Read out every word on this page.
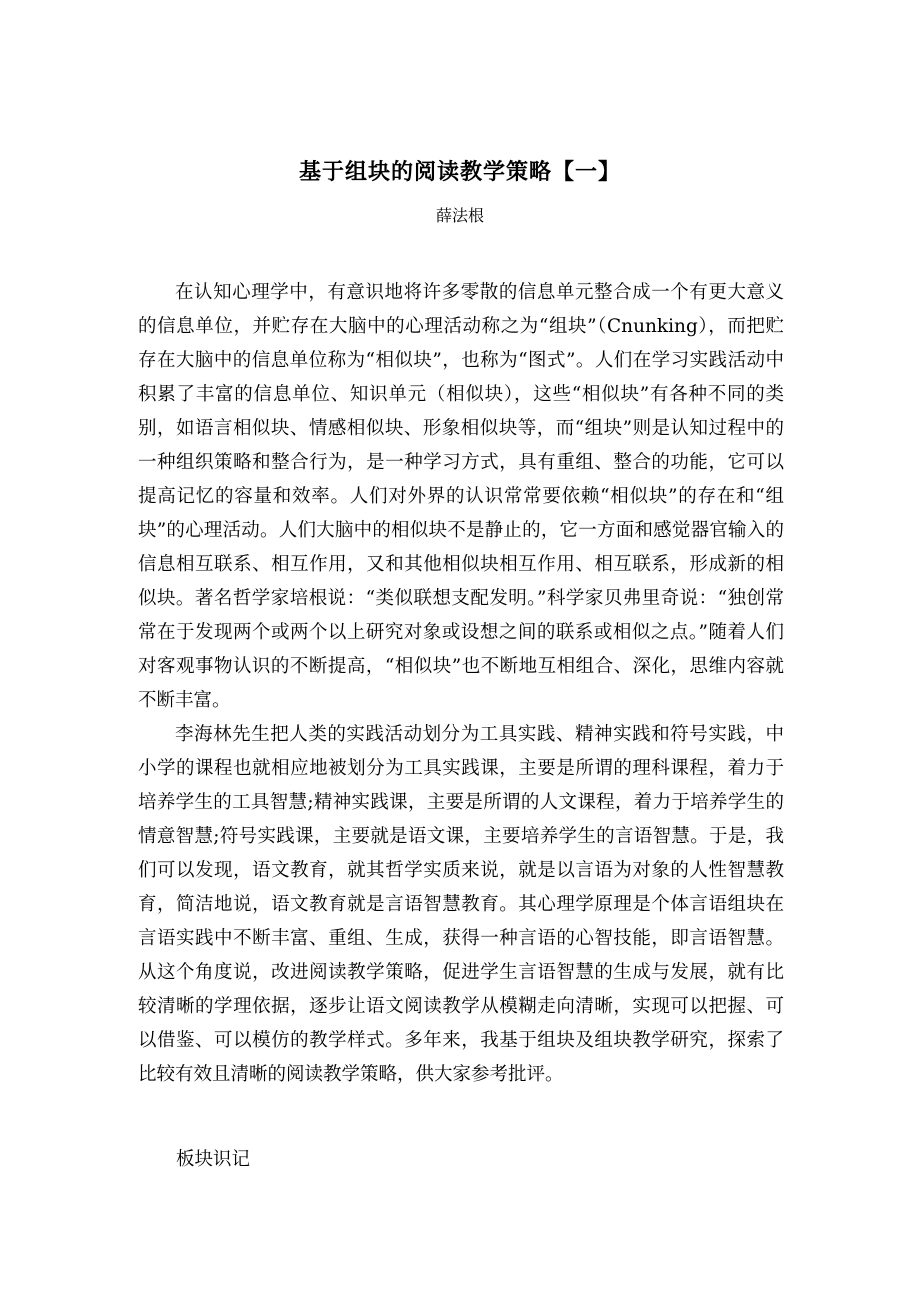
基于组块的阅读教学策略【一】
薛法根

在认知心理学中，有意识地将许多零散的信息单元整合成一个有更大意义的信息单位，并贮存在大脑中的心理活动称之为“组块”（Cnunking），而把贮存在大脑中的信息单位称为“相似块”，也称为“图式”。人们在学习实践活动中积累了丰富的信息单位、知识单元（相似块），这些“相似块”有各种不同的类别，如语言相似块、情感相似块、形象相似块等，而“组块”则是认知过程中的一种组织策略和整合行为，是一种学习方式，具有重组、整合的功能，它可以提高记忆的容量和效率。人们对外界的认识常常要依赖“相似块”的存在和“组块”的心理活动。人们大脑中的相似块不是静止的，它一方面和感觉器官输入的信息相互联系、相互作用，又和其他相似块相互作用、相互联系，形成新的相似块。著名哲学家培根说：“类似联想支配发明。”科学家贝弗里奇说：“独创常常在于发现两个或两个以上研究对象或设想之间的联系或相似之点。”随着人们对客观事物认识的不断提高，“相似块”也不断地互相组合、深化，思维内容就不断丰富。

李海林先生把人类的实践活动划分为工具实践、精神实践和符号实践，中小学的课程也就相应地被划分为工具实践课，主要是所谓的理科课程，着力于培养学生的工具智慧;精神实践课，主要是所谓的人文课程，着力于培养学生的情意智慧;符号实践课，主要就是语文课，主要培养学生的言语智慧。于是，我们可以发现，语文教育，就其哲学实质来说，就是以言语为对象的人性智慧教育，简洁地说，语文教育就是言语智慧教育。其心理学原理是个体言语组块在言语实践中不断丰富、重组、生成，获得一种言语的心智技能，即言语智慧。从这个角度说，改进阅读教学策略，促进学生言语智慧的生成与发展，就有比较清晰的学理依据，逐步让语文阅读教学从模糊走向清晰，实现可以把握、可以借鉴、可以模仿的教学样式。多年来，我基于组块及组块教学研究，探索了比较有效且清晰的阅读教学策略，供大家参考批评。

板块识记
